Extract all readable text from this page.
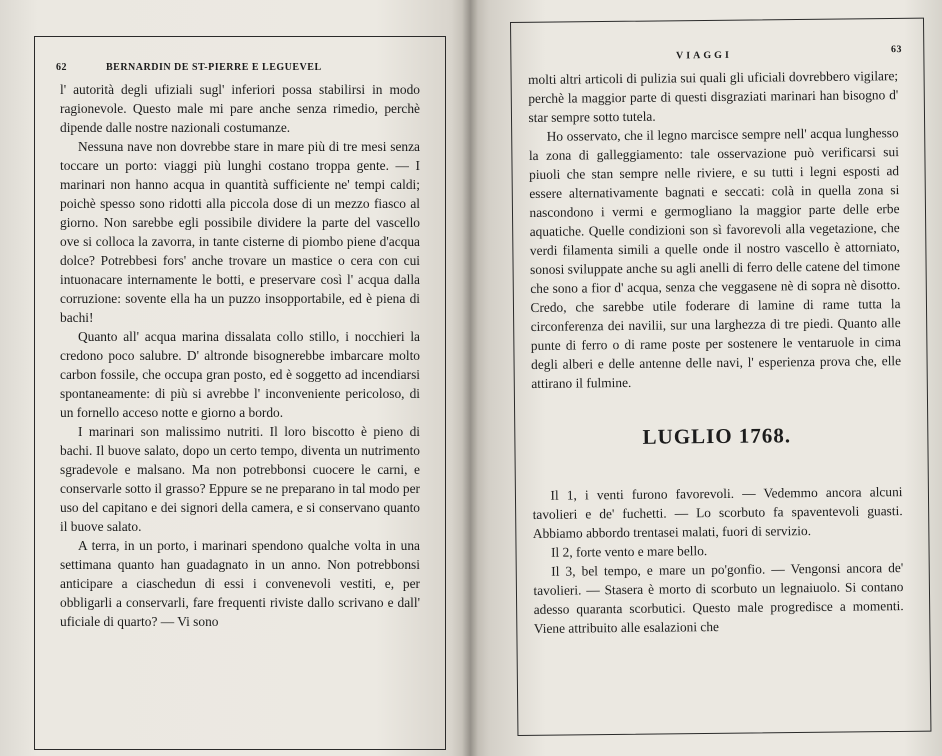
62	BERNARDIN DE ST-PIERRE E LEGUEVEL

l' autorità degli ufiziali sugl' inferiori possa stabilirsi in modo ragionevole. Questo male mi pare anche senza rimedio, perchè dipende dalle nostre nazionali costumanze.

Nessuna nave non dovrebbe stare in mare più di tre mesi senza toccare un porto: viaggi più lunghi costano troppa gente. — I marinari non hanno acqua in quantità sufficiente ne' tempi caldi; poichè spesso sono ridotti alla piccola dose di un mezzo fiasco al giorno. Non sarebbe egli possibile dividere la parte del vascello ove si colloca la zavorra, in tante cisterne di piombo piene d'acqua dolce? Potrebbesi fors' anche trovare un mastice o cera con cui intuonacare internamente le botti, e preservare così l' acqua dalla corruzione: sovente ella ha un puzzo insopportabile, ed è piena di bachi!

Quanto all' acqua marina dissalata collo stillo, i nocchieri la credono poco salubre. D' altronde bisognerebbe imbarcare molto carbon fossile, che occupa gran posto, ed è soggetto ad incendiarsi spontaneamente: di più si avrebbe l' inconveniente pericoloso, di un fornello acceso notte e giorno a bordo.

I marinari son malissimo nutriti. Il loro biscotto è pieno di bachi. Il buove salato, dopo un certo tempo, diventa un nutrimento sgradevole e malsano. Ma non potrebbonsi cuocere le carni, e conservarle sotto il grasso? Eppure se ne preparano in tal modo per uso del capitano e dei signori della camera, e si conservano quanto il buove salato.

A terra, in un porto, i marinari spendono qualche volta in una settimana quanto han guadagnato in un anno. Non potrebbonsi anticipare a ciaschedun di essi i convenevoli vestiti, e, per obbligarli a conservarli, fare frequenti riviste dallo scrivano e dall' uficiale di quarto? — Vi sono

VIAGGI
63

molti altri articoli di pulizia sui quali gli uficiali dovrebbero vigilare; perchè la maggior parte di questi disgraziati marinari han bisogno d' star sempre sotto tutela.

Ho osservato, che il legno marcisce sempre nell' acqua lunghesso la zona di galleggiamento: tale osservazione può verificarsi sui piuoli che stan sempre nelle riviere, e su tutti i legni esposti ad essere alternativamente bagnati e seccati: colà in quella zona si nascondono i vermi e germogliano la maggior parte delle erbe aquatiche. Quelle condizioni son sì favorevoli alla vegetazione, che verdi filamenta simili a quelle onde il nostro vascello è attorniato, sonosi sviluppate anche su agli anelli di ferro delle catene del timone che sono a fior d' acqua, senza che veggasene nè di sopra nè disotto. Credo, che sarebbe utile foderare di lamine di rame tutta la circonferenza dei navilii, sur una larghezza di tre piedi. Quanto alle punte di ferro o di rame poste per sostenere le ventaruole in cima degli alberi e delle antenne delle navi, l' esperienza prova che, elle attirano il fulmine.

LUGLIO 1768.

Il 1, i venti furono favorevoli. — Vedemmo ancora alcuni tavolieri e de' fuchetti. — Lo scorbuto fa spaventevoli guasti. Abbiamo abbordo trentasei malati, fuori di servizio.

Il 2, forte vento e mare bello.

Il 3, bel tempo, e mare un po'gonfio. — Vengonsi ancora de' tavolieri. — Stasera è morto di scorbuto un legnaiuolo. Si contano adesso quaranta scorbutici. Questo male progredisce a momenti. Viene attribuito alle esalazioni che
